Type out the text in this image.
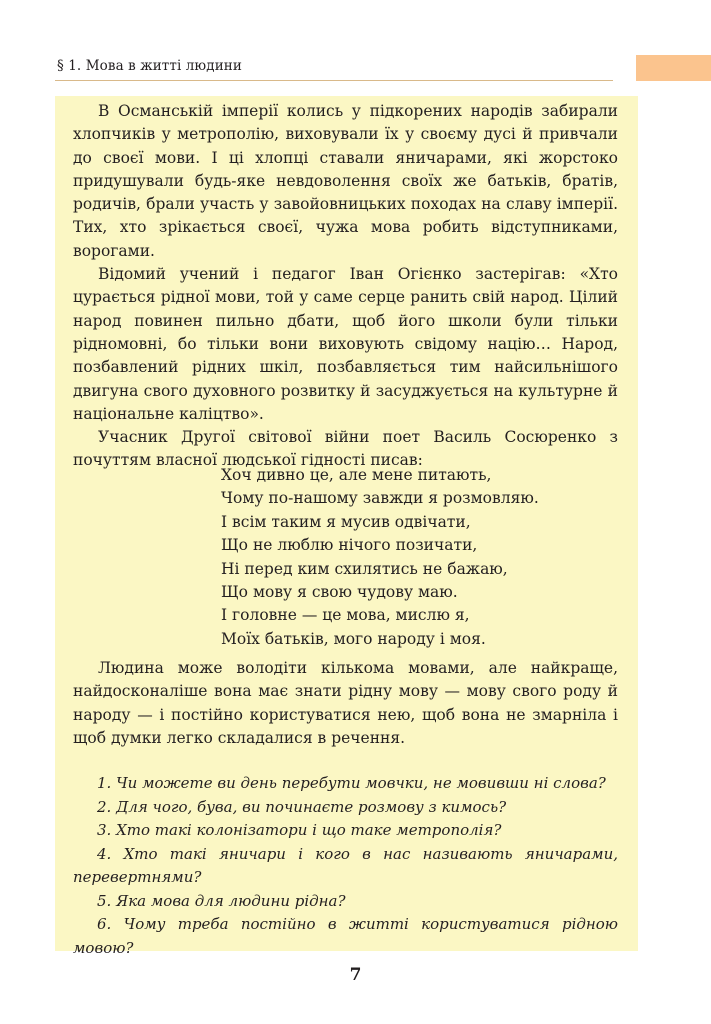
§ 1. Мова в житті людини

В Османській імперії колись у підкорених народів забирали хлопчиків у метрополію, виховували їх у своєму дусі й привчали до своєї мови. І ці хлопці ставали яничарами, які жорстоко придушували будь-яке невдоволення своїх же батьків, братів, родичів, брали участь у завойовницьких походах на славу імперії. Тих, хто зрікається своєї, чужа мова робить відступниками, ворогами.

Відомий учений і педагог Іван Огієнко застерігав: «Хто цурається рідної мови, той у саме серце ранить свій народ. Цілий народ повинен пильно дбати, щоб його школи були тільки рідномовні, бо тільки вони виховують свідому націю… Народ, позбавлений рідних шкіл, позбавляється тим найсильнішого двигуна свого духовного розвитку й засуджується на культурне й національне каліцтво».

Учасник Другої світової війни поет Василь Сосюренко з почуттям власної людської гідності писав:

Хоч дивно це, але мене питають,
Чому по-нашому завжди я розмовляю.
І всім таким я мусив одвічати,
Що не люблю нічого позичати,
Ні перед ким схилятись не бажаю,
Що мову я свою чудову маю.
І головне — це мова, мислю я,
Моїх батьків, мого народу і моя.

Людина може володіти кількома мовами, але найкраще, найдосконаліше вона має знати рідну мову — мову свого роду й народу — і постійно користуватися нею, щоб вона не змарніла і щоб думки легко складалися в речення.

1. Чи можете ви день перебути мовчки, не мовивши ні слова?

2. Для чого, бува, ви починаєте розмову з кимось?

3. Хто такі колонізатори і що таке метрополія?

4. Хто такі яничари і кого в нас називають яничарами, перевертнями?

5. Яка мова для людини рідна?

6. Чому треба постійно в житті користуватися рідною мовою?

7
